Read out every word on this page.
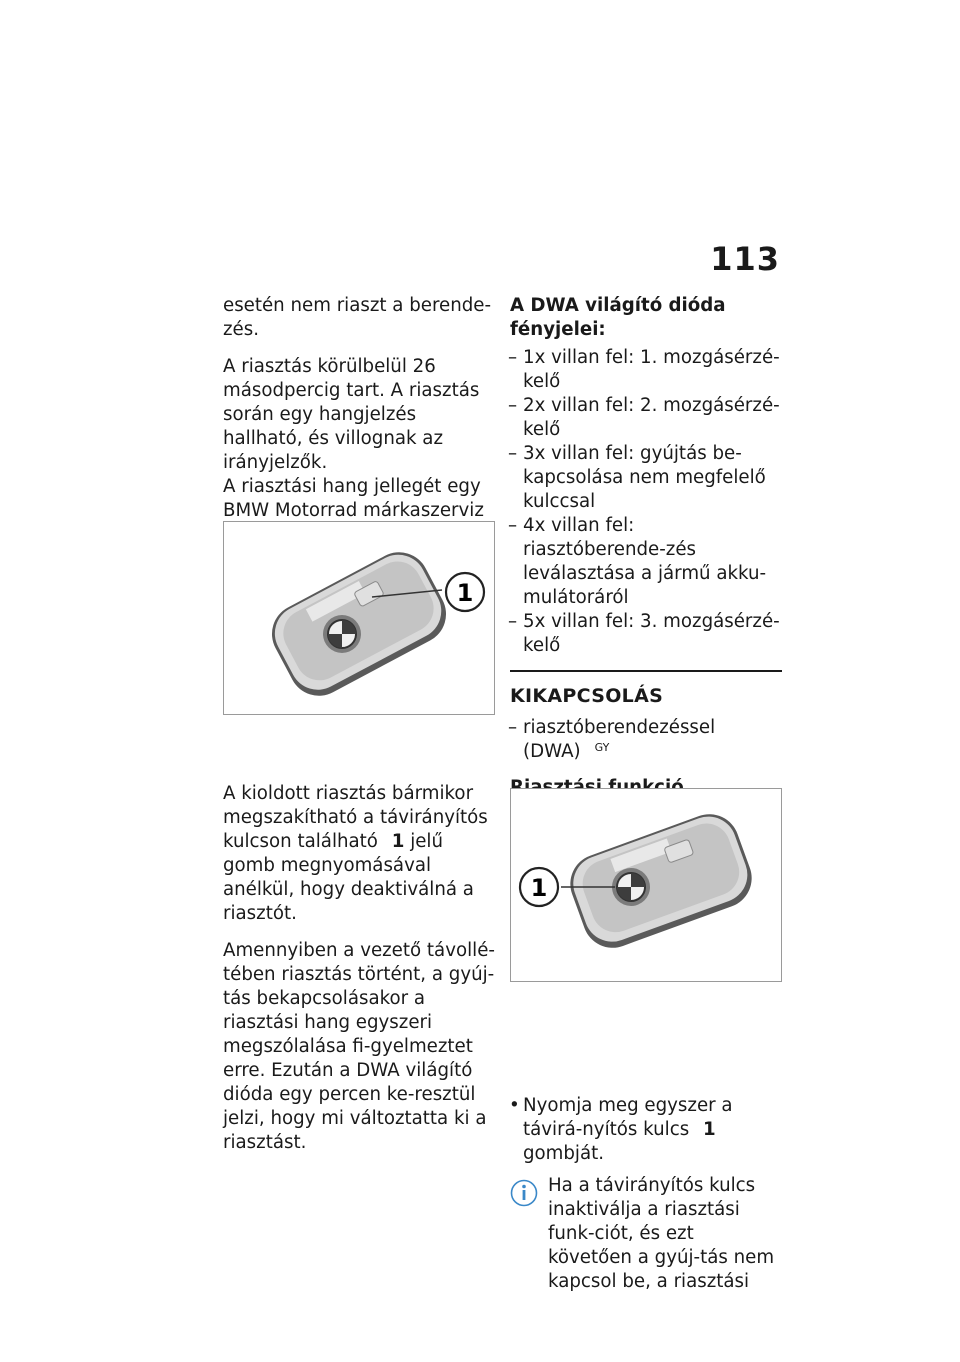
113

esetén nem riaszt a berende-zés.

A riasztás körülbelül 26 másodpercig tart. A riasztás során egy hangjelzés hallható, és villognak az irányjelzők.

A riasztási hang jellegét egy BMW Motorrad márkaszerviz

A kioldott riasztás bármikor megszakítható a távirányítós kulcson található 1 jelű gomb megnyomásával anélkül, hogy deaktiválná a riasztót.

Amennyiben a vezető távollé-tében riasztás történt, a gyúj-tás bekapcsolásakor a riasztási hang egyszeri megszólalása fi-gyelmeztet erre. Ezután a DWA világító dióda egy percen ke-resztül jelzi, hogy mi változtatta ki a riasztást.

1

A DWA világító dióda fényjelei:

– 1x villan fel: 1. mozgásérzé-kelő
– 2x villan fel: 2. mozgásérzé-kelő
– 3x villan fel: gyújtás be-kapcsolása nem megfelelő kulccsal
– 4x villan fel: riasztóberende-zés leválasztása a jármű akku-mulátoráról
– 5x villan fel: 3. mozgásérzé-kelő
KIKAPCSOLÁS
– riasztóberendezéssel (DWA) $^{GY}$

•

• Nyomja meg egyszer a távirá-nyítós kulcs 1 gombját.

Ha a távirányítós kulcs inaktiválja a riasztási funk-ciót, és ezt követően a gyúj-tás nem kapcsol be, a riasztási

1
